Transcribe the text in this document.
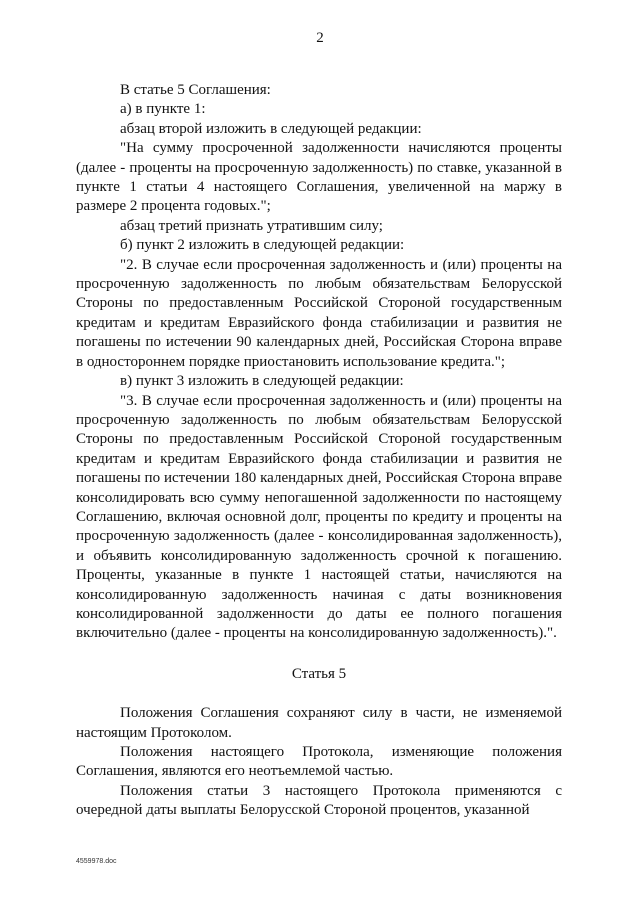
2

В статье 5 Соглашения:

а) в пункте 1:

абзац второй изложить в следующей редакции:

"На сумму просроченной задолженности начисляются проценты (далее - проценты на просроченную задолженность) по ставке, указанной в пункте 1 статьи 4 настоящего Соглашения, увеличенной на маржу в размере 2 процента годовых.";

абзац третий признать утратившим силу;

б) пункт 2 изложить в следующей редакции:

"2. В случае если просроченная задолженность и (или) проценты на просроченную задолженность по любым обязательствам Белорусской Стороны по предоставленным Российской Стороной государственным кредитам и кредитам Евразийского фонда стабилизации и развития не погашены по истечении 90 календарных дней, Российская Сторона вправе в одностороннем порядке приостановить использование кредита.";

в) пункт 3 изложить в следующей редакции:

"3. В случае если просроченная задолженность и (или) проценты на просроченную задолженность по любым обязательствам Белорусской Стороны по предоставленным Российской Стороной государственным кредитам и кредитам Евразийского фонда стабилизации и развития не погашены по истечении 180 календарных дней, Российская Сторона вправе консолидировать всю сумму непогашенной задолженности по настоящему Соглашению, включая основной долг, проценты по кредиту и проценты на просроченную задолженность (далее - консолидированная задолженность), и объявить консолидированную задолженность срочной к погашению. Проценты, указанные в пункте 1 настоящей статьи, начисляются на консолидированную задолженность начиная с даты возникновения консолидированной задолженности до даты ее полного погашения включительно (далее - проценты на консолидированную задолженность).".

Статья 5

Положения Соглашения сохраняют силу в части, не изменяемой настоящим Протоколом.

Положения настоящего Протокола, изменяющие положения Соглашения, являются его неотъемлемой частью.

Положения статьи 3 настоящего Протокола применяются с очередной даты выплаты Белорусской Стороной процентов, указанной

4559978.doc
